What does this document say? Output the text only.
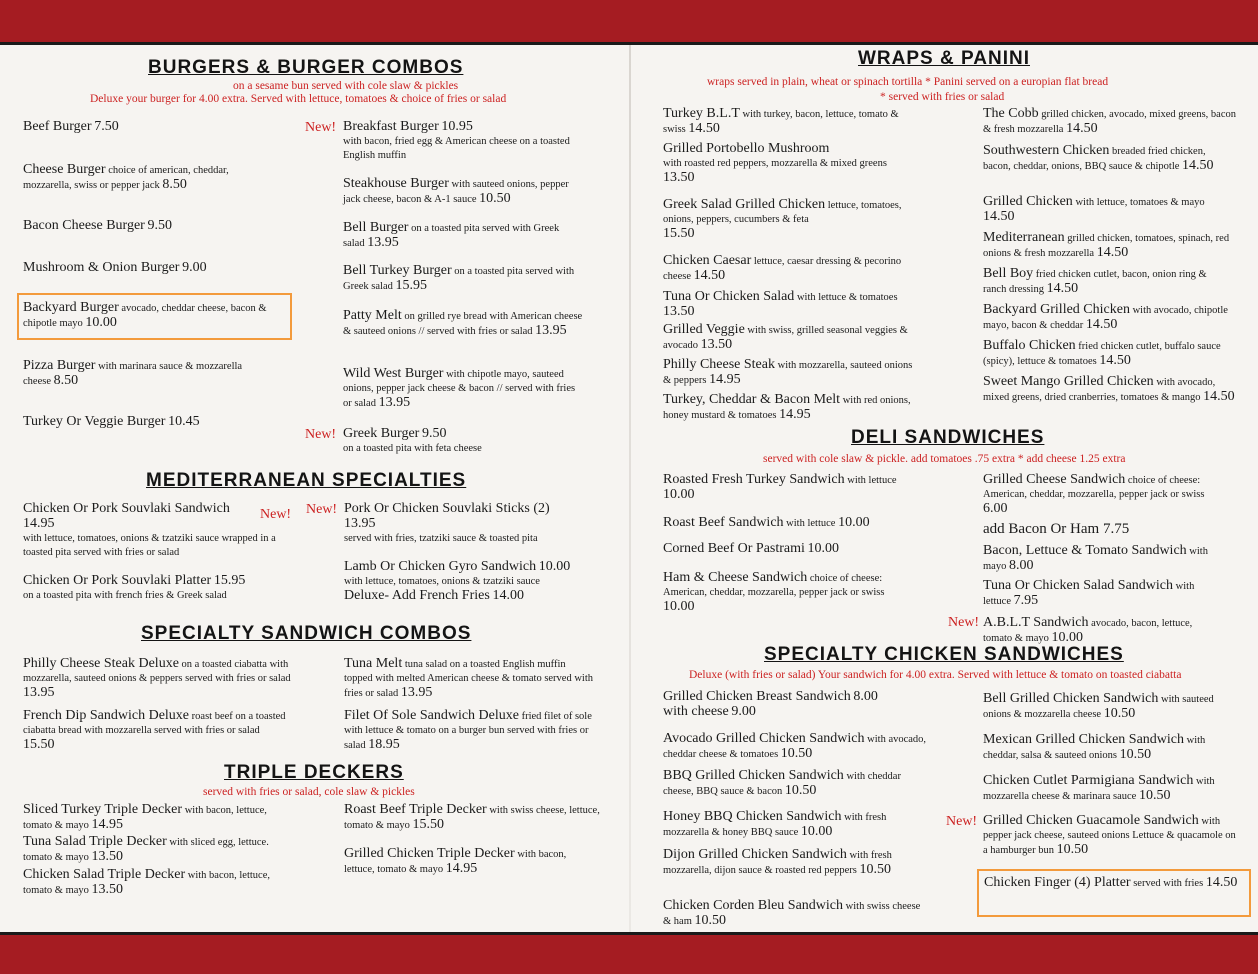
BURGERS & BURGER COMBOS
on a sesame bun served with cole slaw & pickles
Deluxe your burger for 4.00 extra. Served with lettuce, tomatoes & choice of fries or salad
Beef Burger 7.50
Cheese Burger choice of american, cheddar, mozzarella, swiss or pepper jack 8.50
Bacon Cheese Burger 9.50
Mushroom & Onion Burger 9.00
Backyard Burger avocado, cheddar cheese, bacon & chipotle mayo 10.00
Pizza Burger with marinara sauce & mozzarella cheese 8.50
Turkey Or Veggie Burger 10.45
New! Breakfast Burger 10.95
with bacon, fried egg & American cheese on a toasted English muffin
Steakhouse Burger with sauteed onions, pepper jack cheese, bacon & A-1 sauce 10.50
Bell Burger on a toasted pita served with Greek salad 13.95
Bell Turkey Burger on a toasted pita served with Greek salad 15.95
Patty Melt on grilled rye bread with American cheese & sauteed onions // served with fries or salad 13.95
Wild West Burger with chipotle mayo, sauteed onions, pepper jack cheese & bacon // served with fries or salad 13.95
New! Greek Burger 9.50
on a toasted pita with feta cheese
MEDITERRANEAN SPECIALTIES
Chicken Or Pork Souvlaki Sandwich
14.95
with lettuce, tomatoes, onions & tzatziki sauce wrapped in a toasted pita served with fries or salad
New!
Chicken Or Pork Souvlaki Platter 15.95
on a toasted pita with french fries & Greek salad
New! Pork Or Chicken Souvlaki Sticks (2)
13.95
served with fries, tzatziki sauce & toasted pita
Lamb Or Chicken Gyro Sandwich 10.00
with lettuce, tomatoes, onions & tzatziki sauce
Deluxe- Add French Fries 14.00
SPECIALTY SANDWICH COMBOS
Philly Cheese Steak Deluxe on a toasted ciabatta with mozzarella, sauteed onions & peppers served with fries or salad 13.95
French Dip Sandwich Deluxe roast beef on a toasted ciabatta bread with mozzarella served with fries or salad 15.50
Tuna Melt tuna salad on a toasted English muffin topped with melted American cheese & tomato served with fries or salad 13.95
Filet Of Sole Sandwich Deluxe fried filet of sole with lettuce & tomato on a burger bun served with fries or salad 18.95
TRIPLE DECKERS
served with fries or salad, cole slaw & pickles
Sliced Turkey Triple Decker with bacon, lettuce, tomato & mayo 14.95
Tuna Salad Triple Decker with sliced egg, lettuce. tomato & mayo 13.50
Chicken Salad Triple Decker with bacon, lettuce, tomato & mayo 13.50
Roast Beef Triple Decker with swiss cheese, lettuce, tomato & mayo 15.50
Grilled Chicken Triple Decker with bacon, lettuce, tomato & mayo 14.95
WRAPS & PANINI
wraps served in plain, wheat or spinach tortilla * Panini served on a europian flat bread
* served with fries or salad
Turkey B.L.T with turkey, bacon, lettuce, tomato & swiss 14.50
Grilled Portobello Mushroom
with roasted red peppers, mozzarella & mixed greens
13.50
Greek Salad Grilled Chicken lettuce, tomatoes, onions, peppers, cucumbers & feta
15.50
Chicken Caesar lettuce, caesar dressing & pecorino cheese 14.50
Tuna Or Chicken Salad with lettuce & tomatoes 13.50
Grilled Veggie with swiss, grilled seasonal veggies & avocado 13.50
Philly Cheese Steak with mozzarella, sauteed onions & peppers 14.95
Turkey, Cheddar & Bacon Melt with red onions, honey mustard & tomatoes 14.95
The Cobb grilled chicken, avocado, mixed greens, bacon & fresh mozzarella 14.50
Southwestern Chicken breaded fried chicken, bacon, cheddar, onions, BBQ sauce & chipotle 14.50
Grilled Chicken with lettuce, tomatoes & mayo 14.50
Mediterranean grilled chicken, tomatoes, spinach, red onions & fresh mozzarella 14.50
Bell Boy fried chicken cutlet, bacon, onion ring & ranch dressing 14.50
Backyard Grilled Chicken with avocado, chipotle mayo, bacon & cheddar 14.50
Buffalo Chicken fried chicken cutlet, buffalo sauce (spicy), lettuce & tomatoes 14.50
Sweet Mango Grilled Chicken with avocado, mixed greens, dried cranberries, tomatoes & mango 14.50
DELI SANDWICHES
served with cole slaw & pickle. add tomatoes .75 extra * add cheese 1.25 extra
Roasted Fresh Turkey Sandwich with lettuce
10.00
Roast Beef Sandwich with lettuce 10.00
Corned Beef Or Pastrami 10.00
Ham & Cheese Sandwich choice of cheese: American, cheddar, mozzarella, pepper jack or swiss 10.00
Grilled Cheese Sandwich choice of cheese: American, cheddar, mozzarella, pepper jack or swiss 6.00
add Bacon Or Ham 7.75
Bacon, Lettuce & Tomato Sandwich with mayo 8.00
Tuna Or Chicken Salad Sandwich with lettuce 7.95
New! A.B.L.T Sandwich avocado, bacon, lettuce, tomato & mayo 10.00
SPECIALTY CHICKEN SANDWICHES
Deluxe (with fries or salad) Your sandwich for 4.00 extra. Served with lettuce & tomato on toasted ciabatta
Grilled Chicken Breast Sandwich 8.00
with cheese 9.00
Avocado Grilled Chicken Sandwich with avocado, cheddar cheese & tomatoes 10.50
BBQ Grilled Chicken Sandwich with cheddar cheese, BBQ sauce & bacon 10.50
Honey BBQ Chicken Sandwich with fresh mozzarella & honey BBQ sauce 10.00
Dijon Grilled Chicken Sandwich with fresh mozzarella, dijon sauce & roasted red peppers 10.50
Chicken Corden Bleu Sandwich with swiss cheese & ham 10.50
Bell Grilled Chicken Sandwich with sauteed onions & mozzarella cheese 10.50
Mexican Grilled Chicken Sandwich with cheddar, salsa & sauteed onions 10.50
Chicken Cutlet Parmigiana Sandwich with mozzarella cheese & marinara sauce 10.50
New! Grilled Chicken Guacamole Sandwich with pepper jack cheese, sauteed onions Lettuce & quacamole on a hamburger bun 10.50
Chicken Finger (4) Platter served with fries 14.50
